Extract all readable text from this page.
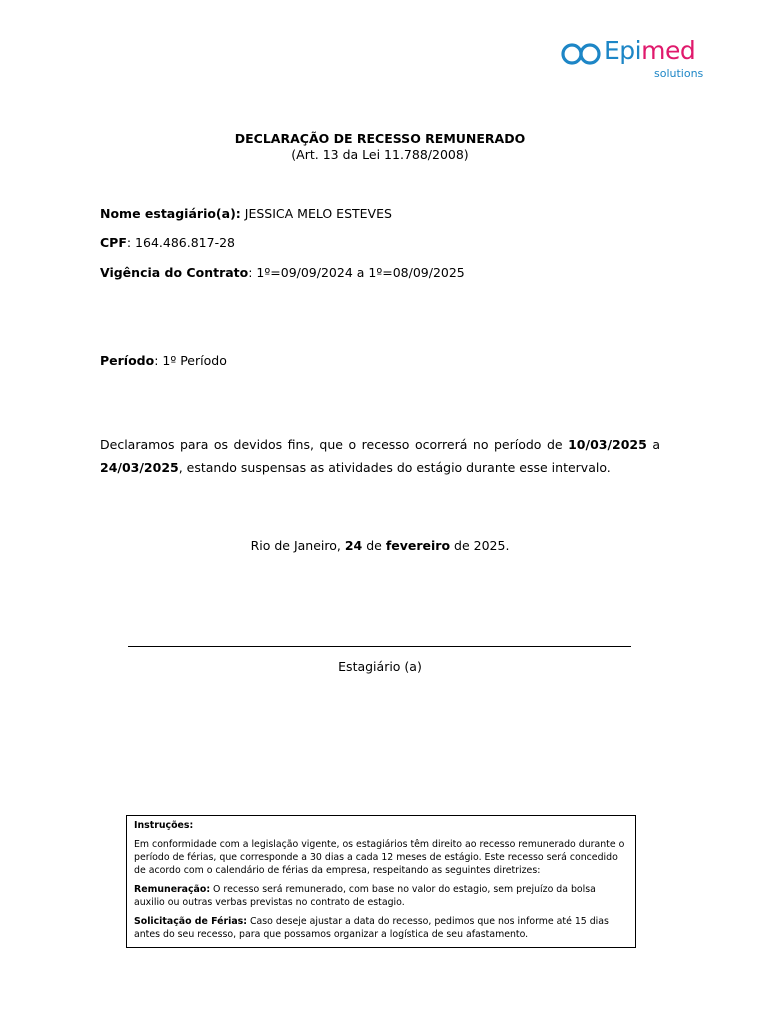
Epimed
solutions
DECLARAÇÃO DE RECESSO REMUNERADO
(Art. 13 da Lei 11.788/2008)
Nome estagiário(a): JESSICA MELO ESTEVES
CPF: 164.486.817-28
Vigência do Contrato: 1º=09/09/2024 a 1º=08/09/2025
Período: 1º Período
Declaramos para os devidos fins, que o recesso ocorrerá no período de 10/03/2025 a 24/03/2025, estando suspensas as atividades do estágio durante esse intervalo.
Rio de Janeiro, 24 de fevereiro de 2025.
Estagiário (a)

Instruções:

Em conformidade com a legislação vigente, os estagiários têm direito ao recesso remunerado durante o período de férias, que corresponde a 30 dias a cada 12 meses de estágio. Este recesso será concedido de acordo com o calendário de férias da empresa, respeitando as seguintes diretrizes:

Remuneração: O recesso será remunerado, com base no valor do estagio, sem prejuízo da bolsa auxilio ou outras verbas previstas no contrato de estagio.

Solicitação de Férias: Caso deseje ajustar a data do recesso, pedimos que nos informe até 15 dias antes do seu recesso, para que possamos organizar a logística de seu afastamento.
